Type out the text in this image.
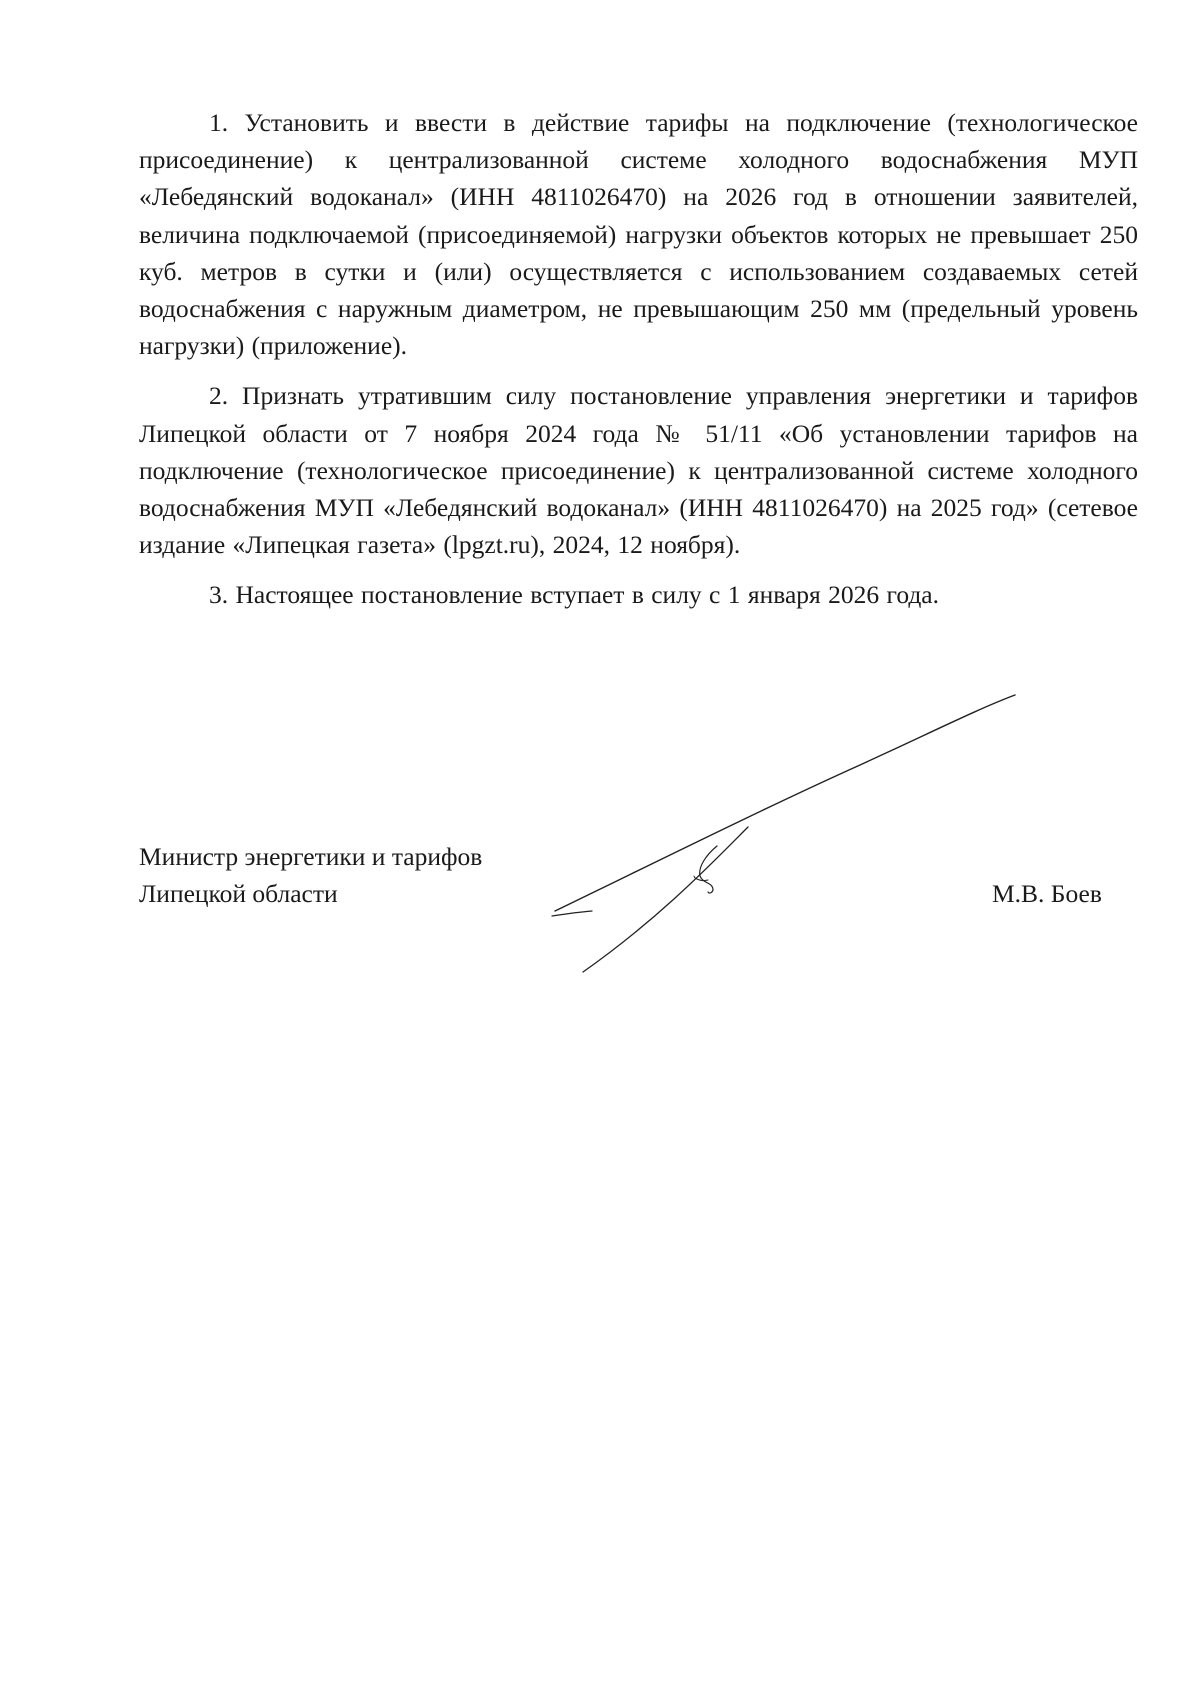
1. Установить и ввести в действие тарифы на подключение (технологическое присоединение) к централизованной системе холодного водоснабжения МУП «Лебедянский водоканал» (ИНН 4811026470) на 2026 год в отношении заявителей, величина подключаемой (присоединяемой) нагрузки объектов которых не превышает 250 куб. метров в сутки и (или) осуществляется с использованием создаваемых сетей водоснабжения с наружным диаметром, не превышающим 250 мм (предельный уровень нагрузки) (приложение).

2. Признать утратившим силу постановление управления энергетики и тарифов Липецкой области от 7 ноября 2024 года № 51/11 «Об установлении тарифов на подключение (технологическое присоединение) к централизованной системе холодного водоснабжения МУП «Лебедянский водоканал» (ИНН 4811026470) на 2025 год» (сетевое издание «Липецкая газета» (lpgzt.ru), 2024, 12 ноября).

3. Настоящее постановление вступает в силу с 1 января 2026 года.

Министр энергетики и тарифов
Липецкой области	М.В. Боев
